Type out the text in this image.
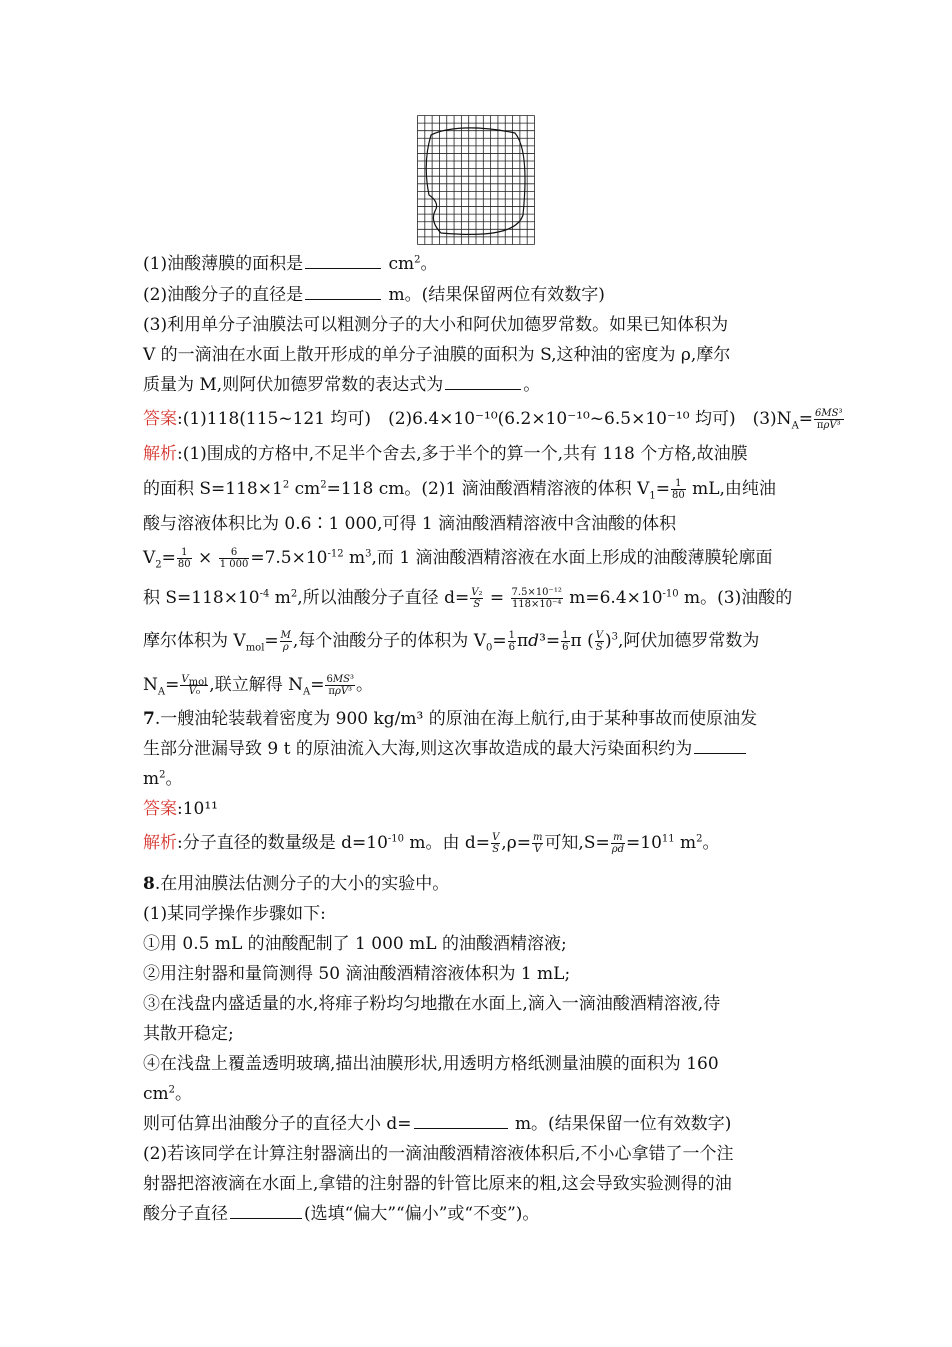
(1)油酸薄膜的面积是	$cm^2$。
(2)油酸分子的直径是	m。(结果保留两位有效数字)
(3)利用单分子油膜法可以粗测分子的大小和阿伏加德罗常数。如果已知体积为
V 的一滴油在水面上散开形成的单分子油膜的面积为 S,这种油的密度为 ρ,摩尔
质量为 M,则阿伏加德罗常数的表达式为	。
答案:(1)118(115~121 均可)　(2)6.4×10⁻¹⁰(6.2×10⁻¹⁰~6.5×10⁻¹⁰ 均可)　$(3)N_A= \frac{\text{6MS³}}{\text{πρV³}}$
解析:(1)围成的方格中,不足半个舍去,多于半个的算一个,共有 118 个方格,故油膜
的面积 $S=118\times 1^2$ $cm^2=118$ cm。(2)1 滴油酸酒精溶液的体积 $V_1= \frac{1}{80}$ mL,由纯油
酸与溶液体积比为 0.6∶1 000,可得 1 滴油酸酒精溶液中含油酸的体积
$V_2= \frac{1}{80} \times \frac{6}{1 000} =7.5\times 10^{-12}$ $m^3$,而 1 滴油酸酒精溶液在水面上形成的油酸薄膜轮廓面
积 $S=118\times 10^{-4}$ $m^2$,所以油酸分子直径 $d= \frac{\text{V₂}}{S} = \frac{\text{7.5×10⁻¹²}}{\text{118×10⁻⁴}} m=6.4\times 10^{-10}$ m。(3)油酸的
摩尔体积为 $V_{mol}= \frac{M}{\rho}$ ,每个油酸分子的体积为 $V_0= \frac{1}{6} \pi d^3= \frac{1}{6}$ π ( $\frac{V}{S} )^3$,阿伏加德罗常数为
$N_A= \frac{V_{mol}}{\text{V₀}}$ ,联立解得 $N_A= \frac{\text{6MS³}}{\text{πρV³}}$ 。
7.一艘油轮装载着密度为 900 kg/m³ 的原油在海上航行,由于某种事故而使原油发
生部分泄漏导致 9 t 的原油流入大海,则这次事故造成的最大污染面积约为
$m^2$。
答案:10¹¹
解析:分子直径的数量级是 $d=10^{-10}$ m。由 $d= \frac{V}{S} ,\rho= \frac{m}{V}$ 可知$,S= \frac{m}{\rho d} =10^{11}$ $m^2$。
8.在用油膜法估测分子的大小的实验中。
(1)某同学操作步骤如下:
①用 0.5 mL 的油酸配制了 1 000 mL 的油酸酒精溶液;
②用注射器和量筒测得 50 滴油酸酒精溶液体积为 1 mL;
③在浅盘内盛适量的水,将痱子粉均匀地撒在水面上,滴入一滴油酸酒精溶液,待
其散开稳定;
④在浅盘上覆盖透明玻璃,描出油膜形状,用透明方格纸测量油膜的面积为 160
$cm^2$。
则可估算出油酸分子的直径大小 d=	m。(结果保留一位有效数字)
(2)若该同学在计算注射器滴出的一滴油酸酒精溶液体积后,不小心拿错了一个注
射器把溶液滴在水面上,拿错的注射器的针管比原来的粗,这会导致实验测得的油
酸分子直径	(选填“偏大”“偏小”或“不变”)。
